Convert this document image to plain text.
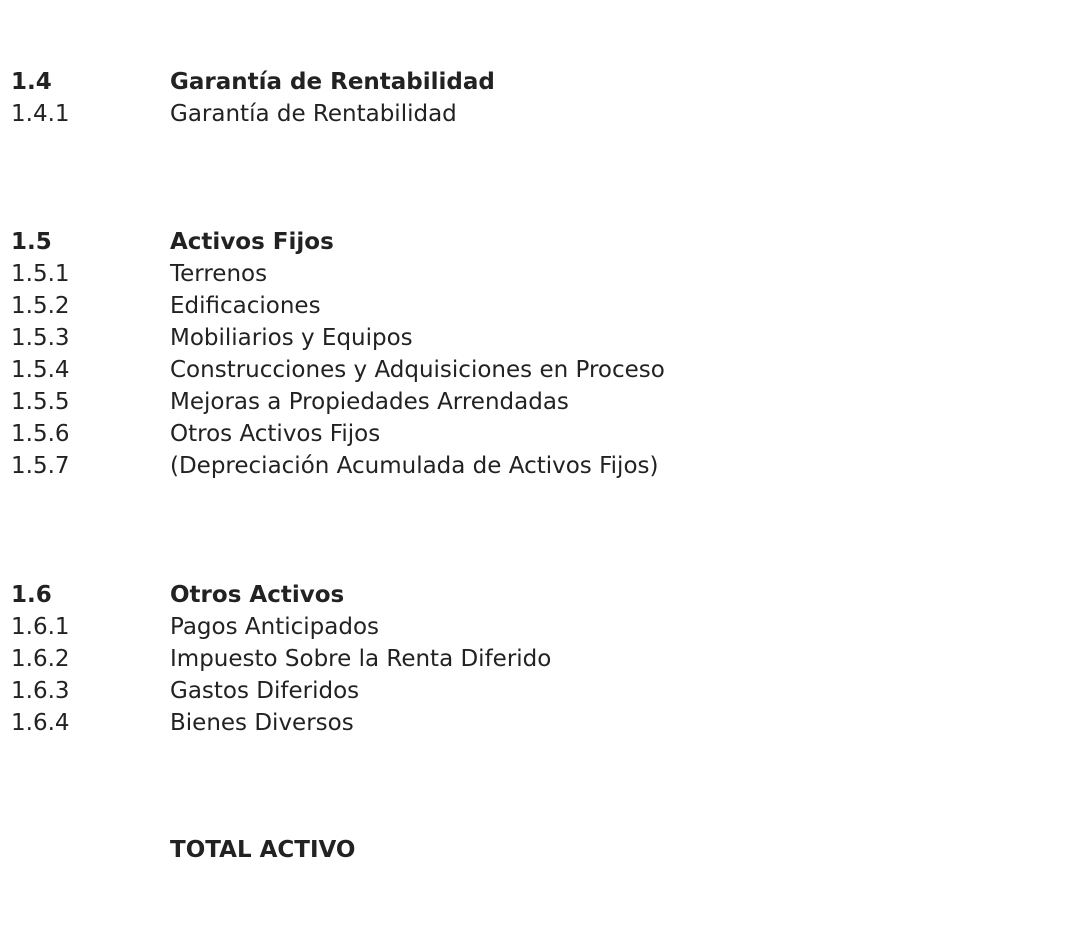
1.4	Garantía de Rentabilidad
1.4.1	Garantía de Rentabilidad
1.5	Activos Fijos
1.5.1	Terrenos
1.5.2	Edificaciones
1.5.3	Mobiliarios y Equipos
1.5.4	Construcciones y Adquisiciones en Proceso
1.5.5	Mejoras a Propiedades Arrendadas
1.5.6	Otros Activos Fijos
1.5.7	(Depreciación Acumulada de Activos Fijos)
1.6	Otros Activos
1.6.1	Pagos Anticipados
1.6.2	Impuesto Sobre la Renta Diferido
1.6.3	Gastos Diferidos
1.6.4	Bienes Diversos
TOTAL ACTIVO
